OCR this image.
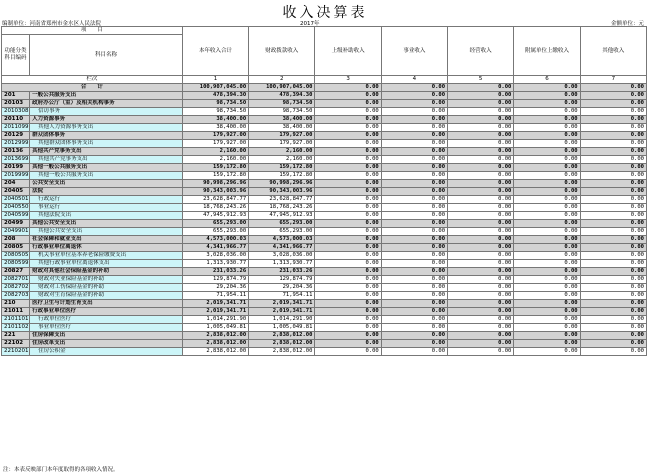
收入决算表
编制单位：河南省郑州市金水区人民法院	2017年	金额单位：元
项　　目		本年收入合计	财政拨款收入	上级补助收入	事业收入	经营收入	附属单位上缴收入	其他收入
功能分类
科目编码	科目名称							
栏次		1	2	3	4	5	6	7
合　　计		100,907,045.00	100,907,045.00	0.00	0.00	0.00	0.00	0.00
201	一般公共服务支出	478,394.30	478,394.30	0.00	0.00	0.00	0.00	0.00
20103	政府办公厅（室）及相关机构事务	98,734.50	98,734.50	0.00	0.00	0.00	0.00	0.00
2010308	信访事务	98,734.50	98,734.50	0.00	0.00	0.00	0.00	0.00
20110	人力资源事务	38,400.00	38,400.00	0.00	0.00	0.00	0.00	0.00
2011099	其他人力资源事务支出	38,400.00	38,400.00	0.00	0.00	0.00	0.00	0.00
20129	群众团体事务	179,927.00	179,927.00	0.00	0.00	0.00	0.00	0.00
2012999	其他群众团体事务支出	179,927.00	179,927.00	0.00	0.00	0.00	0.00	0.00
20136	其他共产党事务支出	2,160.00	2,160.00	0.00	0.00	0.00	0.00	0.00
2013699	其他共产党事务支出	2,160.00	2,160.00	0.00	0.00	0.00	0.00	0.00
20199	其他一般公共服务支出	159,172.80	159,172.80	0.00	0.00	0.00	0.00	0.00
2019999	其他一般公共服务支出	159,172.80	159,172.80	0.00	0.00	0.00	0.00	0.00
204	公共安全支出	90,998,296.96	90,998,296.96	0.00	0.00	0.00	0.00	0.00
20405	法院	90,343,003.96	90,343,003.96	0.00	0.00	0.00	0.00	0.00
2040501	行政运行	23,628,847.77	23,628,847.77	0.00	0.00	0.00	0.00	0.00
2040550	事业运行	18,768,243.26	18,768,243.26	0.00	0.00	0.00	0.00	0.00
2040599	其他法院支出	47,945,912.93	47,945,912.93	0.00	0.00	0.00	0.00	0.00
20499	其他公共安全支出	655,293.00	655,293.00	0.00	0.00	0.00	0.00	0.00
2049901	其他公共安全支出	655,293.00	655,293.00	0.00	0.00	0.00	0.00	0.00
208	社会保障和就业支出	4,573,000.03	4,573,000.03	0.00	0.00	0.00	0.00	0.00
20805	行政事业单位离退休	4,341,966.77	4,341,966.77	0.00	0.00	0.00	0.00	0.00
2080505	机关事业单位基本养老保险缴费支出	3,028,036.00	3,028,036.00	0.00	0.00	0.00	0.00	0.00
2080599	其他行政事业单位离退休支出	1,313,930.77	1,313,930.77	0.00	0.00	0.00	0.00	0.00
20827	财政对其他社会保险基金的补助	231,033.26	231,033.26	0.00	0.00	0.00	0.00	0.00
2082701	财政对失业保险基金的补助	129,874.79	129,874.79	0.00	0.00	0.00	0.00	0.00
2082702	财政对工伤保险基金的补助	29,204.36	29,204.36	0.00	0.00	0.00	0.00	0.00
2082703	财政对生育保险基金的补助	71,954.11	71,954.11	0.00	0.00	0.00	0.00	0.00
210	医疗卫生与计划生育支出	2,019,341.71	2,019,341.71	0.00	0.00	0.00	0.00	0.00
21011	行政事业单位医疗	2,019,341.71	2,019,341.71	0.00	0.00	0.00	0.00	0.00
2101101	行政单位医疗	1,014,291.90	1,014,291.90	0.00	0.00	0.00	0.00	0.00
2101102	事业单位医疗	1,005,049.81	1,005,049.81	0.00	0.00	0.00	0.00	0.00
221	住房保障支出	2,838,012.00	2,838,012.00	0.00	0.00	0.00	0.00	0.00
22102	住房改革支出	2,838,012.00	2,838,012.00	0.00	0.00	0.00	0.00	0.00
2210201	住房公积金	2,838,012.00	2,838,012.00	0.00	0.00	0.00	0.00	0.00
注：本表反映部门本年度取得的各项收入情况。
